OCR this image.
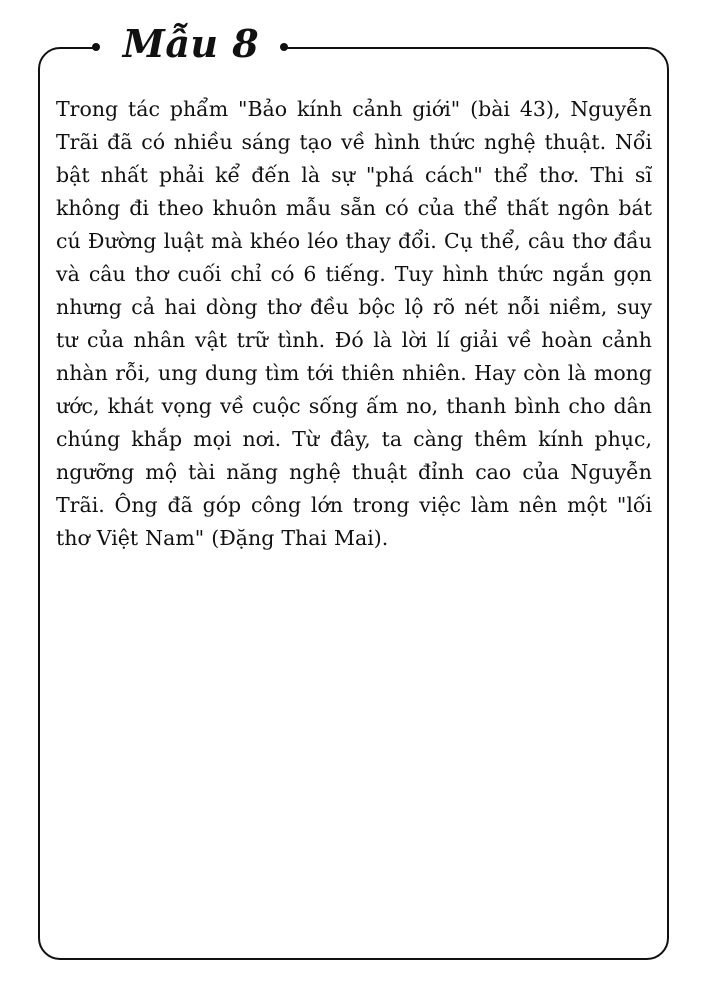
Mẫu 8

Trong tác phẩm "Bảo kính cảnh giới" (bài 43), Nguyễn Trãi đã có nhiều sáng tạo về hình thức nghệ thuật. Nổi bật nhất phải kể đến là sự "phá cách" thể thơ. Thi sĩ không đi theo khuôn mẫu sẵn có của thể thất ngôn bát cú Đường luật mà khéo léo thay đổi. Cụ thể, câu thơ đầu và câu thơ cuối chỉ có 6 tiếng. Tuy hình thức ngắn gọn nhưng cả hai dòng thơ đều bộc lộ rõ nét nỗi niềm, suy tư của nhân vật trữ tình. Đó là lời lí giải về hoàn cảnh nhàn rỗi, ung dung tìm tới thiên nhiên. Hay còn là mong ước, khát vọng về cuộc sống ấm no, thanh bình cho dân chúng khắp mọi nơi. Từ đây, ta càng thêm kính phục, ngưỡng mộ tài năng nghệ thuật đỉnh cao của Nguyễn Trãi. Ông đã góp công lớn trong việc làm nên một "lối thơ Việt Nam" (Đặng Thai Mai).
